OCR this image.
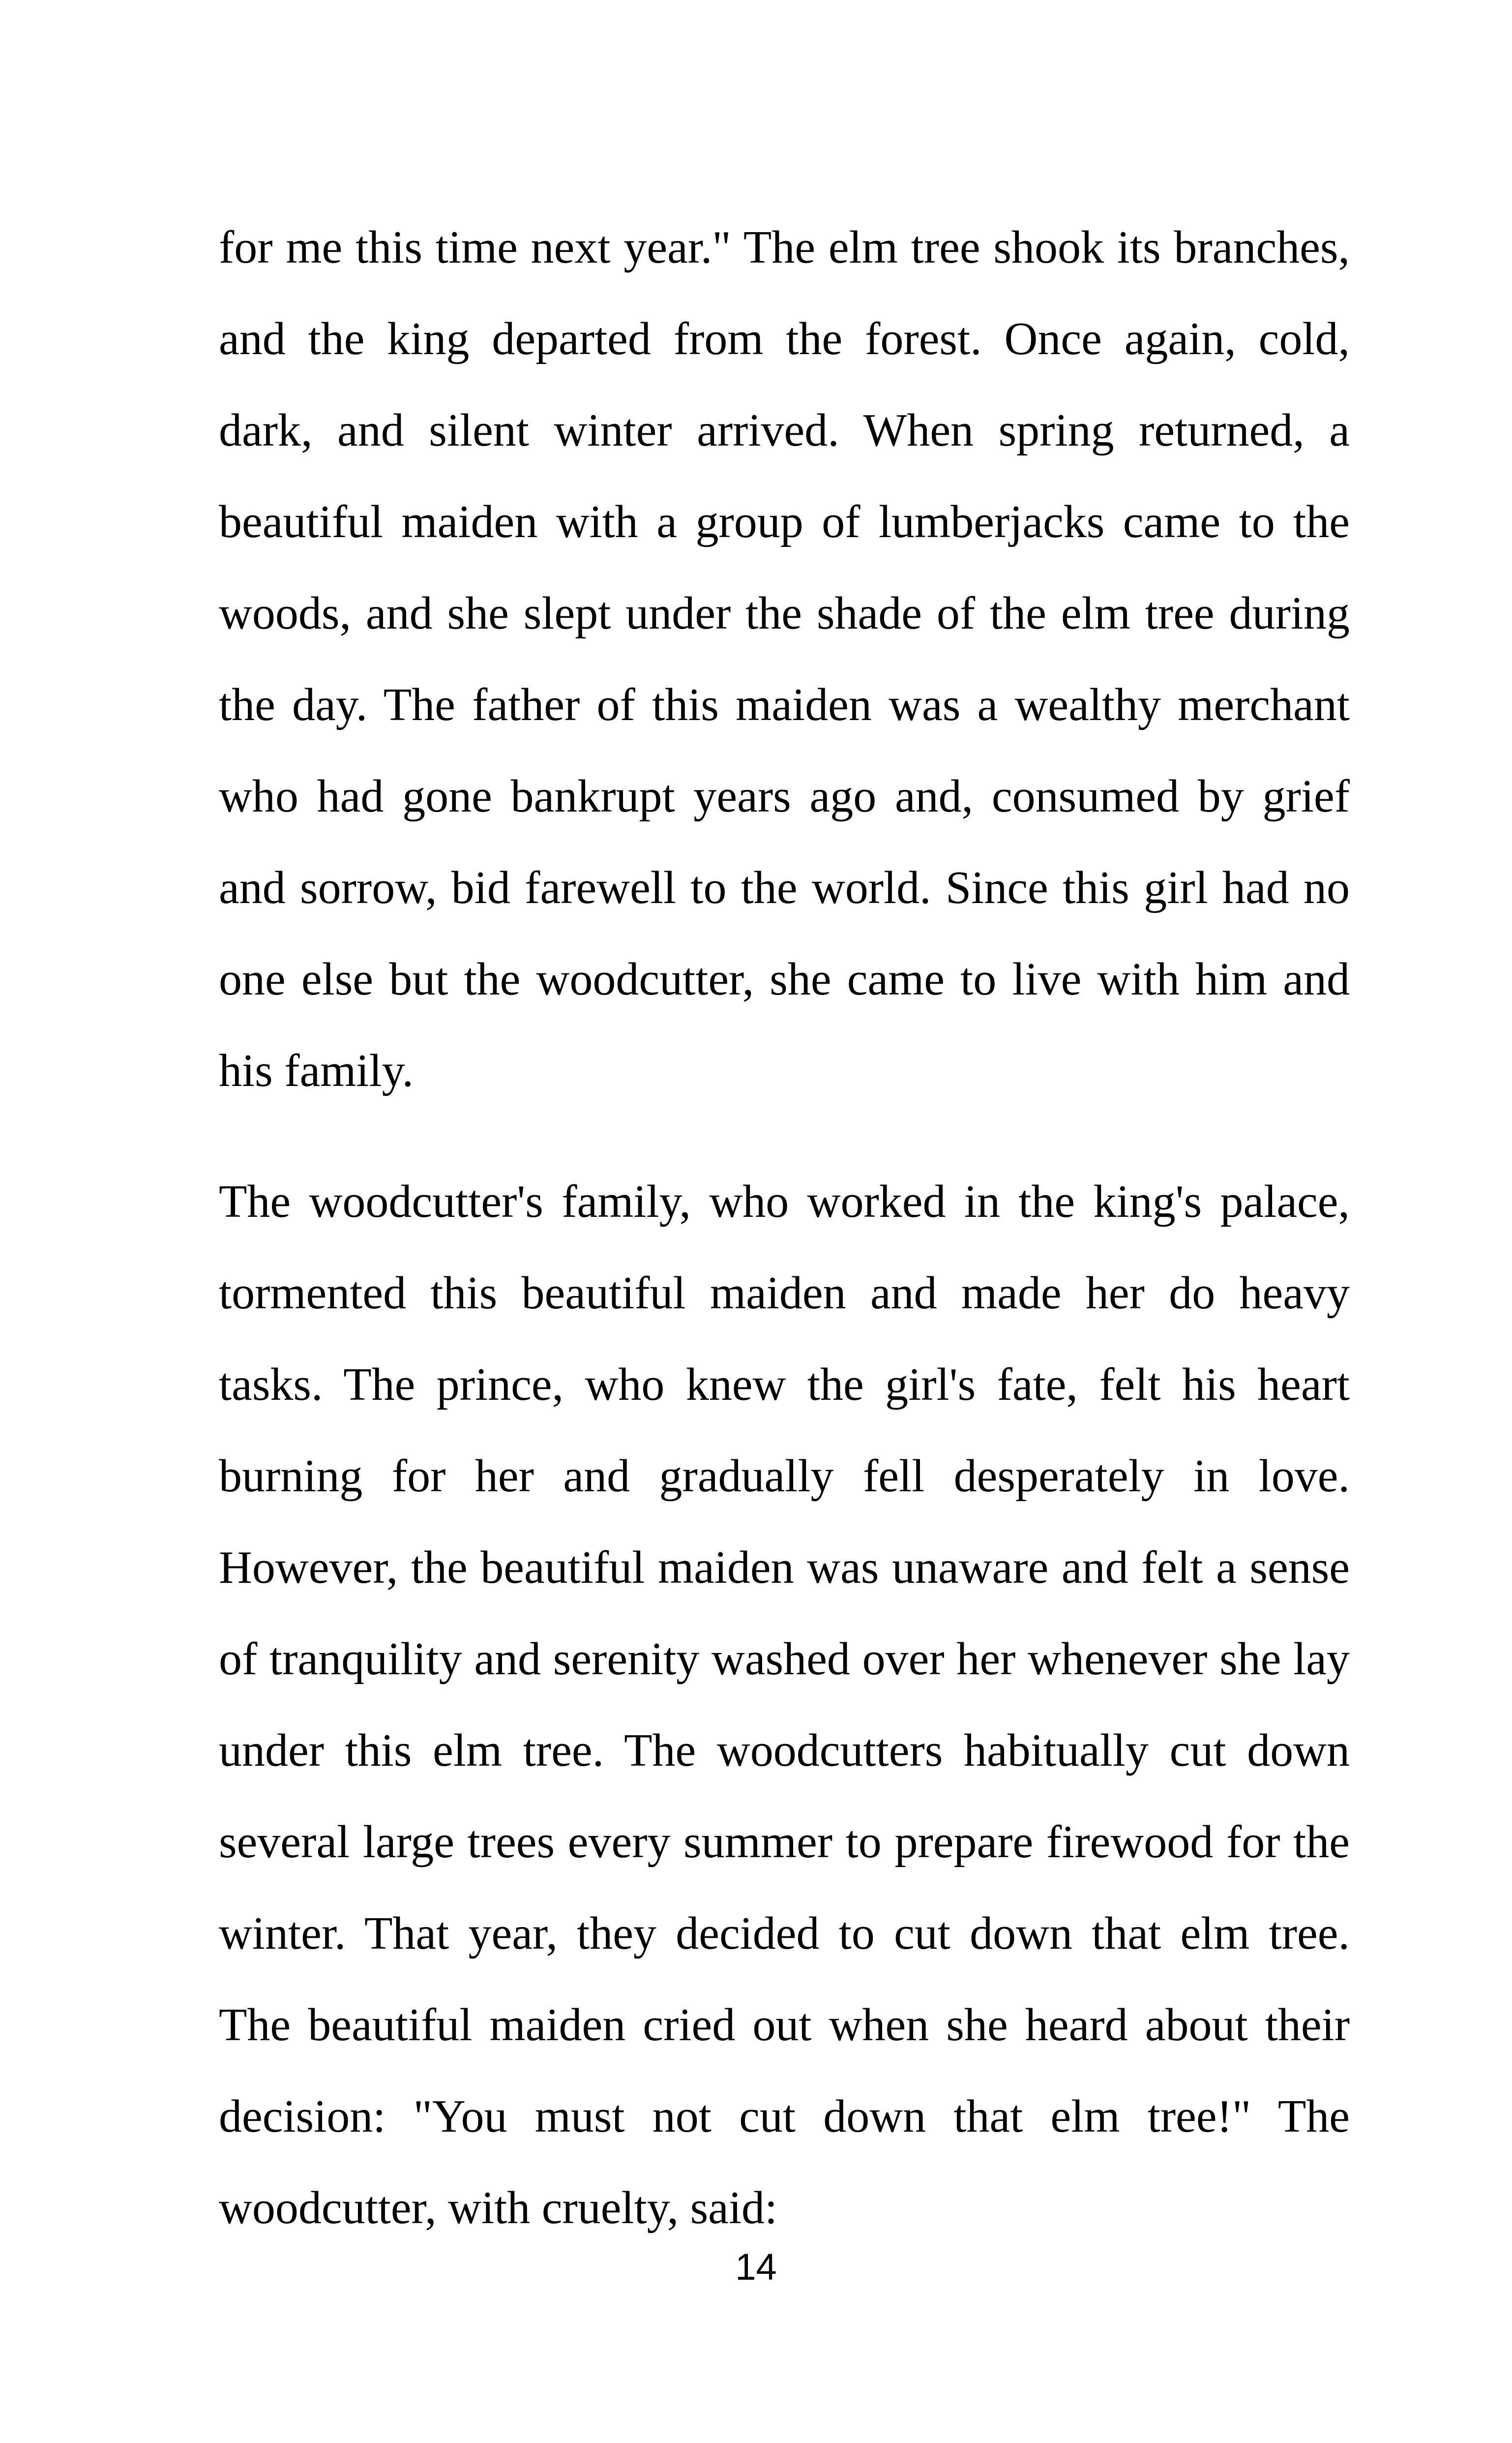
for me this time next year." The elm tree shook its branches, and the king departed from the forest. Once again, cold, dark, and silent winter arrived. When spring returned, a beautiful maiden with a group of lumberjacks came to the woods, and she slept under the shade of the elm tree during the day. The father of this maiden was a wealthy merchant who had gone bankrupt years ago and, consumed by grief and sorrow, bid farewell to the world. Since this girl had no one else but the woodcutter, she came to live with him and his family.

The woodcutter's family, who worked in the king's palace, tormented this beautiful maiden and made her do heavy tasks. The prince, who knew the girl's fate, felt his heart burning for her and gradually fell desperately in love. However, the beautiful maiden was unaware and felt a sense of tranquility and serenity washed over her whenever she lay under this elm tree. The woodcutters habitually cut down several large trees every summer to prepare firewood for the winter. That year, they decided to cut down that elm tree. The beautiful maiden cried out when she heard about their decision: "You must not cut down that elm tree!" The woodcutter, with cruelty, said:

14
